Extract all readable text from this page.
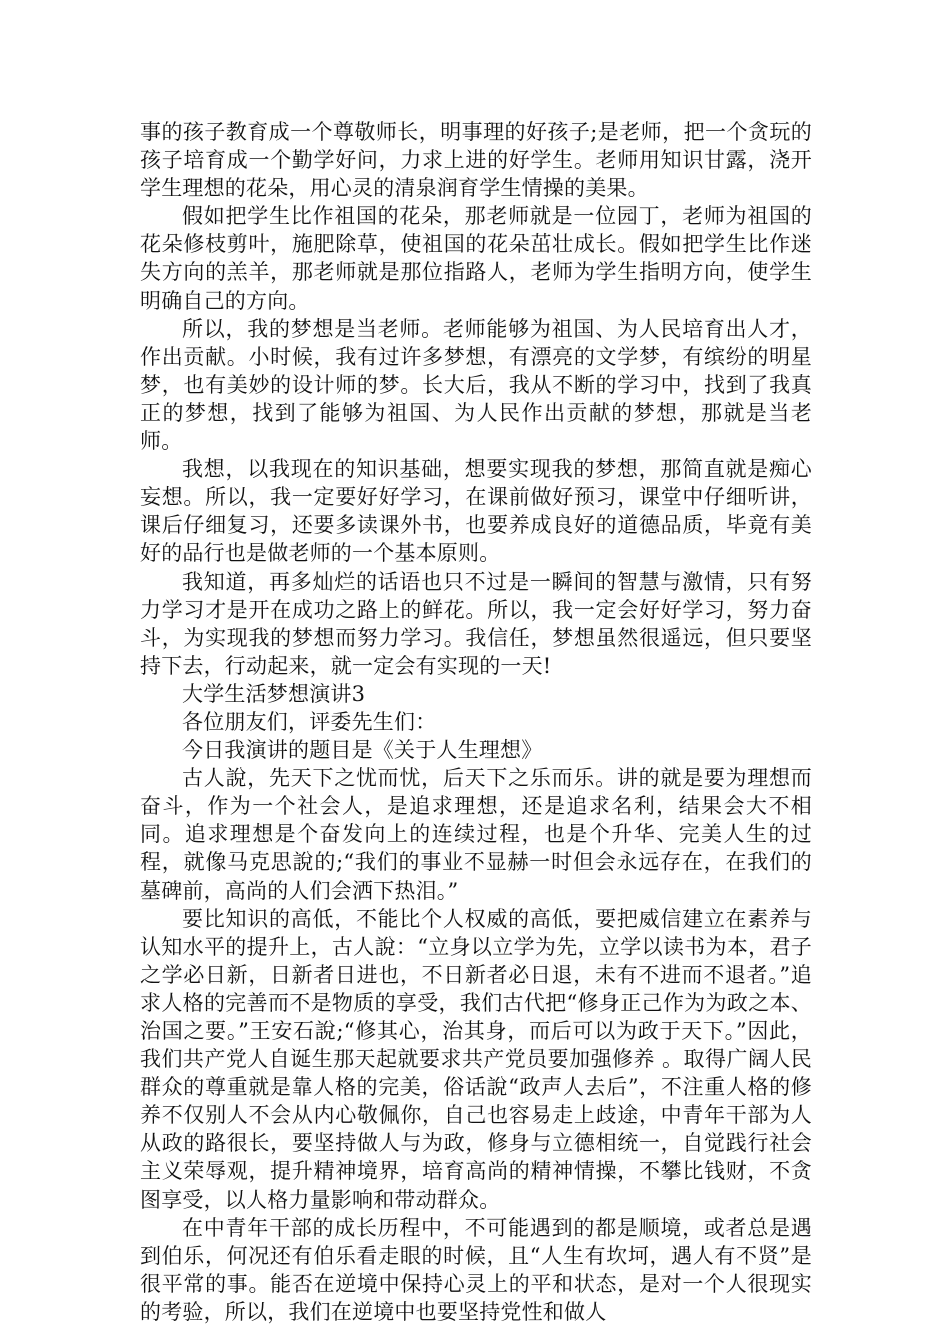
事的孩子教育成一个尊敬师长，明事理的好孩子;是老师，把一个贪玩的孩子培育成一个勤学好问，力求上进的好学生。老师用知识甘露，浇开学生理想的花朵，用心灵的清泉润育学生情操的美果。

假如把学生比作祖国的花朵，那老师就是一位园丁，老师为祖国的花朵修枝剪叶，施肥除草，使祖国的花朵茁壮成长。假如把学生比作迷失方向的羔羊，那老师就是那位指路人，老师为学生指明方向，使学生明确自己的方向。

所以，我的梦想是当老师。老师能够为祖国、为人民培育出人才，作出贡献。小时候，我有过许多梦想，有漂亮的文学梦，有缤纷的明星梦，也有美妙的设计师的梦。长大后，我从不断的学习中，找到了我真正的梦想，找到了能够为祖国、为人民作出贡献的梦想，那就是当老师。

我想，以我现在的知识基础，想要实现我的梦想，那简直就是痴心妄想。所以，我一定要好好学习，在课前做好预习，课堂中仔细听讲，课后仔细复习，还要多读课外书，也要养成良好的道德品质，毕竟有美好的品行也是做老师的一个基本原则。

我知道，再多灿烂的话语也只不过是一瞬间的智慧与激情，只有努力学习才是开在成功之路上的鲜花。所以，我一定会好好学习，努力奋斗，为实现我的梦想而努力学习。我信任，梦想虽然很遥远，但只要坚持下去，行动起来，就一定会有实现的一天!

大学生活梦想演讲3

各位朋友们，评委先生们：

今日我演讲的题目是《关于人生理想》

古人說，先天下之忧而忧，后天下之乐而乐。讲的就是要为理想而奋斗，作为一个社会人，是追求理想，还是追求名利，结果会大不相同。追求理想是个奋发向上的连续过程，也是个升华、完美人生的过程，就像马克思說的;“我们的事业不显赫一时但会永远存在，在我们的墓碑前，高尚的人们会洒下热泪。”

要比知识的高低，不能比个人权威的高低，要把威信建立在素养与认知水平的提升上，古人說：“立身以立学为先，立学以读书为本，君子之学必日新，日新者日进也，不日新者必日退，未有不进而不退者。”追求人格的完善而不是物质的享受，我们古代把“修身正己作为为政之本、治国之要。”王安石說;“修其心，治其身，而后可以为政于天下。”因此，我们共产党人自诞生那天起就要求共产党员要加强修养 。取得广阔人民群众的尊重就是靠人格的完美，俗话說“政声人去后”，不注重人格的修养不仅别人不会从内心敬佩你，自己也容易走上歧途，中青年干部为人从政的路很长，要坚持做人与为政，修身与立德相统一，自觉践行社会主义荣辱观，提升精神境界，培育高尚的精神情操，不攀比钱财，不贪图享受，以人格力量影响和带动群众。

在中青年干部的成长历程中，不可能遇到的都是顺境，或者总是遇到伯乐，何况还有伯乐看走眼的时候，且“人生有坎坷，遇人有不贤”是很平常的事。能否在逆境中保持心灵上的平和状态，是对一个人很现实的考验，所以，我们在逆境中也要坚持党性和做人
